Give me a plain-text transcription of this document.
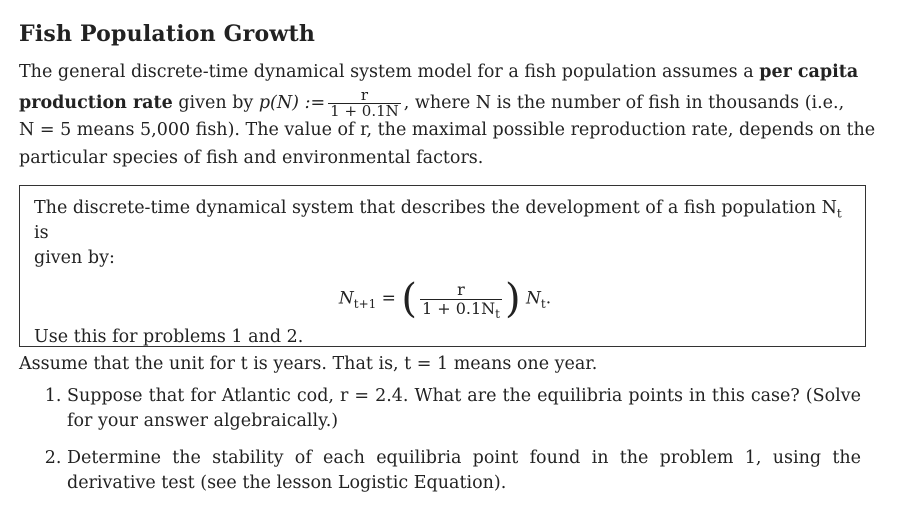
Fish Population Growth
The general discrete-time dynamical system model for a fish population assumes a per capita
production rate given by p(N) := $\frac{r}{1 + 0.1N}$ , where N is the number of fish in thousands (i.e.,
N = 5 means 5,000 fish). The value of r, the maximal possible reproduction rate, depends on the
particular species of fish and environmental factors.

The discrete-time dynamical system that describes the development of a fish population $N_t$ is

given by:

$N_{t+1}$ = ( $\frac{r}{1 + 0.1N_t}$ ) $N_t$.

Use this for problems 1 and 2.

Assume that the unit for t is years. That is, t = 1 means one year.
1. Suppose that for Atlantic cod, r = 2.4. What are the equilibria points in this case? (Solve for your answer algebraically.)
2. Determine the stability of each equilibria point found in the problem 1, using the derivative test (see the lesson Logistic Equation).
